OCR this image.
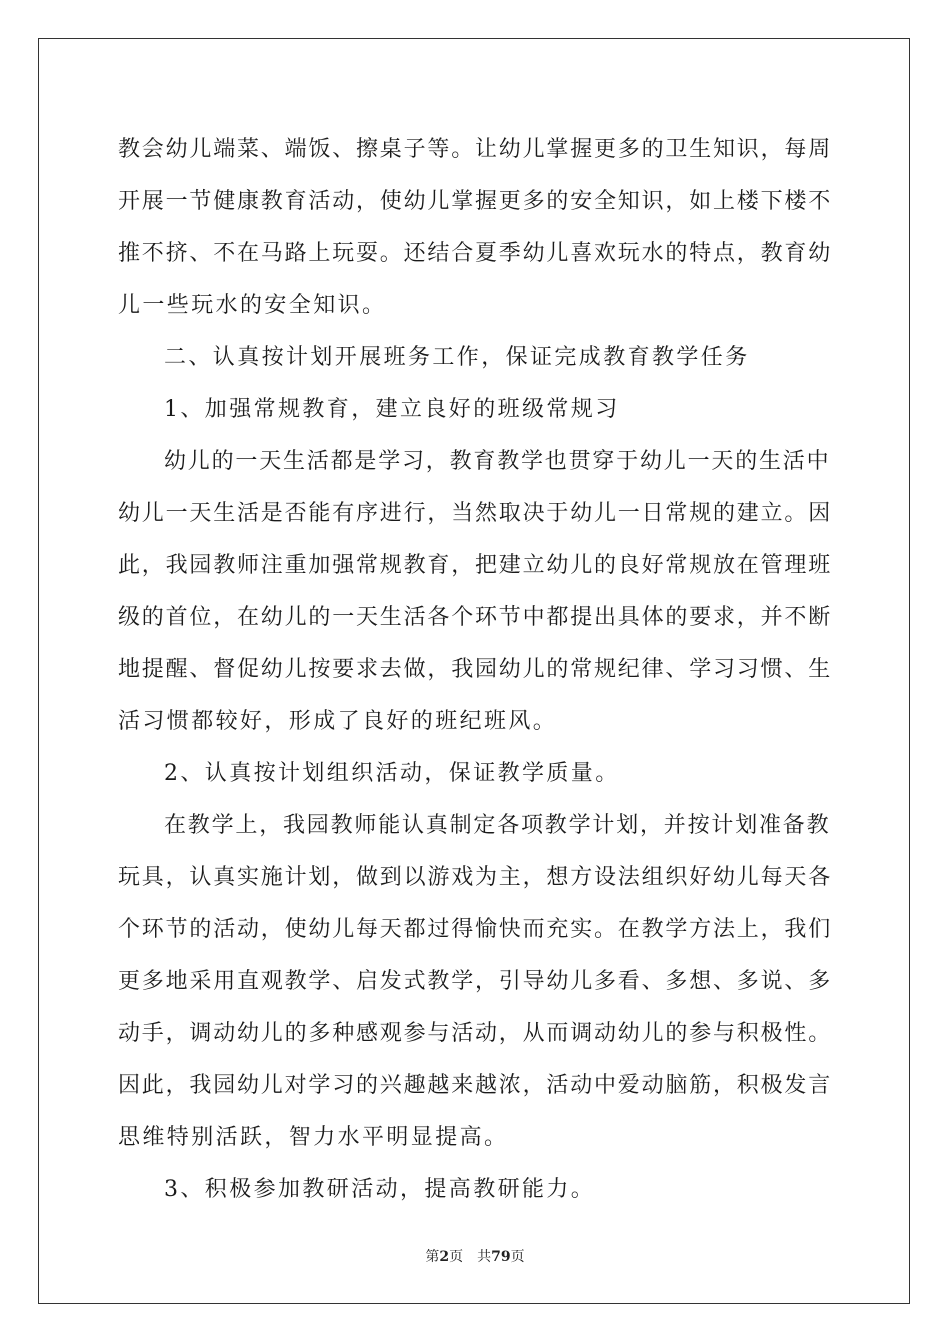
教会幼儿端菜、端饭、擦桌子等。让幼儿掌握更多的卫生知识，每周
开展一节健康教育活动，使幼儿掌握更多的安全知识，如上楼下楼不
推不挤、不在马路上玩耍。还结合夏季幼儿喜欢玩水的特点，教育幼
儿一些玩水的安全知识。
二、认真按计划开展班务工作，保证完成教育教学任务
1、加强常规教育，建立良好的班级常规习
幼儿的一天生活都是学习，教育教学也贯穿于幼儿一天的生活中
幼儿一天生活是否能有序进行，当然取决于幼儿一日常规的建立。因
此，我园教师注重加强常规教育，把建立幼儿的良好常规放在管理班
级的首位，在幼儿的一天生活各个环节中都提出具体的要求，并不断
地提醒、督促幼儿按要求去做，我园幼儿的常规纪律、学习习惯、生
活习惯都较好，形成了良好的班纪班风。
2、认真按计划组织活动，保证教学质量。
在教学上，我园教师能认真制定各项教学计划，并按计划准备教
玩具，认真实施计划，做到以游戏为主，想方设法组织好幼儿每天各
个环节的活动，使幼儿每天都过得愉快而充实。在教学方法上，我们
更多地采用直观教学、启发式教学，引导幼儿多看、多想、多说、多
动手，调动幼儿的多种感观参与活动，从而调动幼儿的参与积极性。
因此，我园幼儿对学习的兴趣越来越浓，活动中爱动脑筋，积极发言
思维特别活跃，智力水平明显提高。
3、积极参加教研活动，提高教研能力。
第2页 共79页
